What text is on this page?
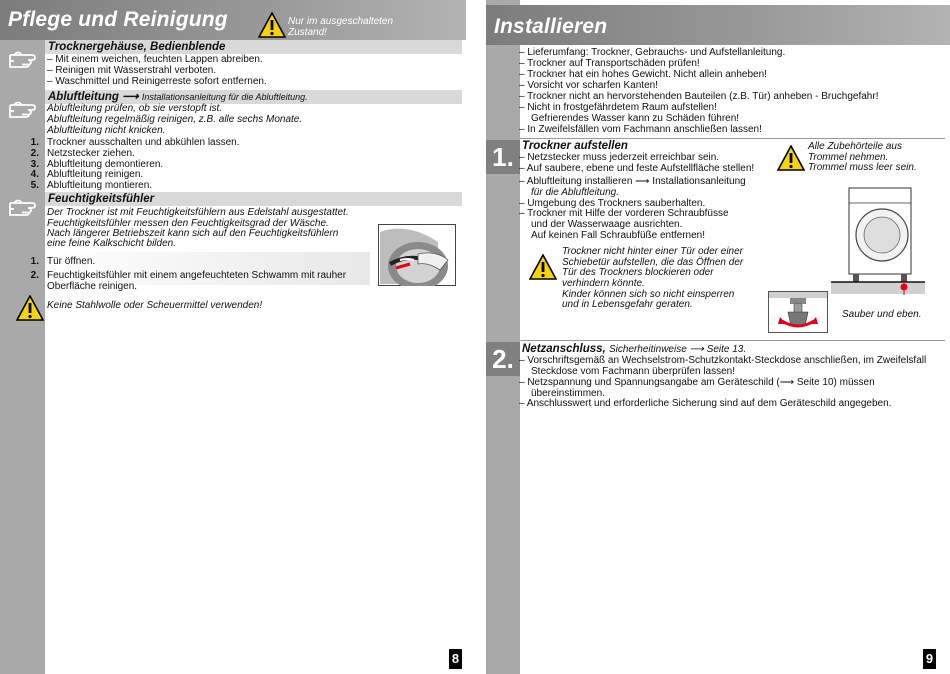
Pflege und Reinigung	Nur im ausgeschalteten
Zustand!
Trocknergehäuse, Bedienblende
– Mit einem weichen, feuchten Lappen abreiben.
– Reinigen mit Wasserstrahl verboten.
– Waschmittel und Reinigerreste sofort entfernen.
Abluftleitung ⟶ Installationsanleitung für die Abluftleitung.
Abluftleitung prüfen, ob sie verstopft ist.
Abluftleitung regelmäßig reinigen, z.B. alle sechs Monate.
Abluftleitung nicht knicken.
1. Trockner ausschalten und abkühlen lassen.
2. Netzstecker ziehen.
3. Abluftleitung demontieren.
4. Abluftleitung reinigen.
5. Abluftleitung montieren.
Feuchtigkeitsfühler
Der Trockner ist mit Feuchtigkeitsfühlern aus Edelstahl ausgestattet.
Feuchtigkeitsfühler messen den Feuchtigkeitsgrad der Wäsche.
Nach längerer Betriebszeit kann sich auf den Feuchtigkeitsfühlern
eine feine Kalkschicht bilden.
1. Tür öffnen.
2. Feuchtigkeitsfühler mit einem angefeuchteten Schwamm mit rauher
Oberfläche reinigen.
Keine Stahlwolle oder Scheuermittel verwenden!
8
Installieren
– Lieferumfang: Trockner, Gebrauchs- und Aufstellanleitung.
– Trockner auf Transportschäden prüfen!
– Trockner hat ein hohes Gewicht. Nicht allein anheben!
– Vorsicht vor scharfen Kanten!
– Trockner nicht an hervorstehenden Bauteilen (z.B. Tür) anheben - Bruchgefahr!
– Nicht in frostgefährdetem Raum aufstellen!
Gefrierendes Wasser kann zu Schäden führen!
– In Zweifelsfällen vom Fachmann anschließen lassen!
1. Trockner aufstellen
– Netzstecker muss jederzeit erreichbar sein.
– Auf saubere, ebene und feste Aufstellfläche stellen!
– Abluftleitung installieren ⟶ Installationsanleitung
für die Abluftleitung.
– Umgebung des Trockners sauberhalten.
– Trockner mit Hilfe der vorderen Schraubfüsse
und der Wasserwaage ausrichten.
Auf keinen Fall Schraubfüße entfernen!
Alle Zubehörteile aus
Trommel nehmen.
Trommel muss leer sein.
Sauber und eben.
Trockner nicht hinter einer Tür oder einer
Schiebetür aufstellen, die das Öffnen der
Tür des Trockners blockieren oder
verhindern könnte.
Kinder können sich so nicht einsperren
und in Lebensgefahr geraten.
2. Netzanschluss, Sicherheitinweise ⟶ Seite 13.
– Vorschriftsgemäß an Wechselstrom-Schutzkontakt-Steckdose anschließen, im Zweifelsfall
Steckdose vom Fachmann überprüfen lassen!
– Netzspannung und Spannungsangabe am Geräteschild (⟶ Seite 10) müssen
übereinstimmen.
– Anschlusswert und erforderliche Sicherung sind auf dem Geräteschild angegeben.
9
